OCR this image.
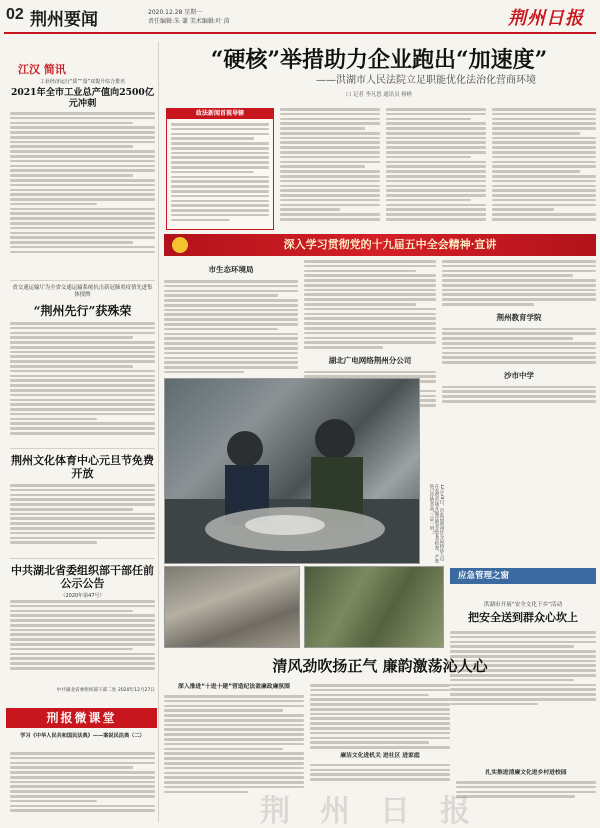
02 荆州要闻	2020.12.28 星期一
责任编辑:朱 谦 美术编辑:叶 茵	荆州日报
江汉 简讯
工业经济运行“质”“量”双提升综合排名
2021年全市工业总产值向2500亿元冲刺
省交通运输厅为全省交通运输系统抗击新冠肺炎疫情先进集体授牌
“荆州先行”获殊荣
荆州文化体育中心元旦节免费开放
中共湖北省委组织部干部任前公示公告
（2020年第47号）
中共湖北省委组织部干部二处 2020年12月27日
刑报微课堂
学习《中华人民共和国民法典》——案说民法典（二）
“硬核”举措助力企业跑出“加速度”
——洪湖市人民法院立足职能优化法治化营商环境
口 记者 李凡思 通讯员 杨峥
政法新闻首视导辖
深入学习贯彻党的十九届五中全会精神·宣讲
市生态环境局
湖北广电网络荆州分公司
荆州教育学院
沙市中学
12月24日，市监局荆州区分局执法人员在农贸市场开展冷链食品安全检查，严查进口冷链食品“三证一码”。
应急管理之窗
洪湖市开展“安全文化下乡”活动
把安全送到群众心坎上
清风劲吹扬正气 廉韵激荡沁人心
深入推进“十进十建”营造纪法盈廉政廉氛围
廉洁文化进机关 进社区 进家庭
扎实推进清廉文化进乡村进校园
荆州日报
